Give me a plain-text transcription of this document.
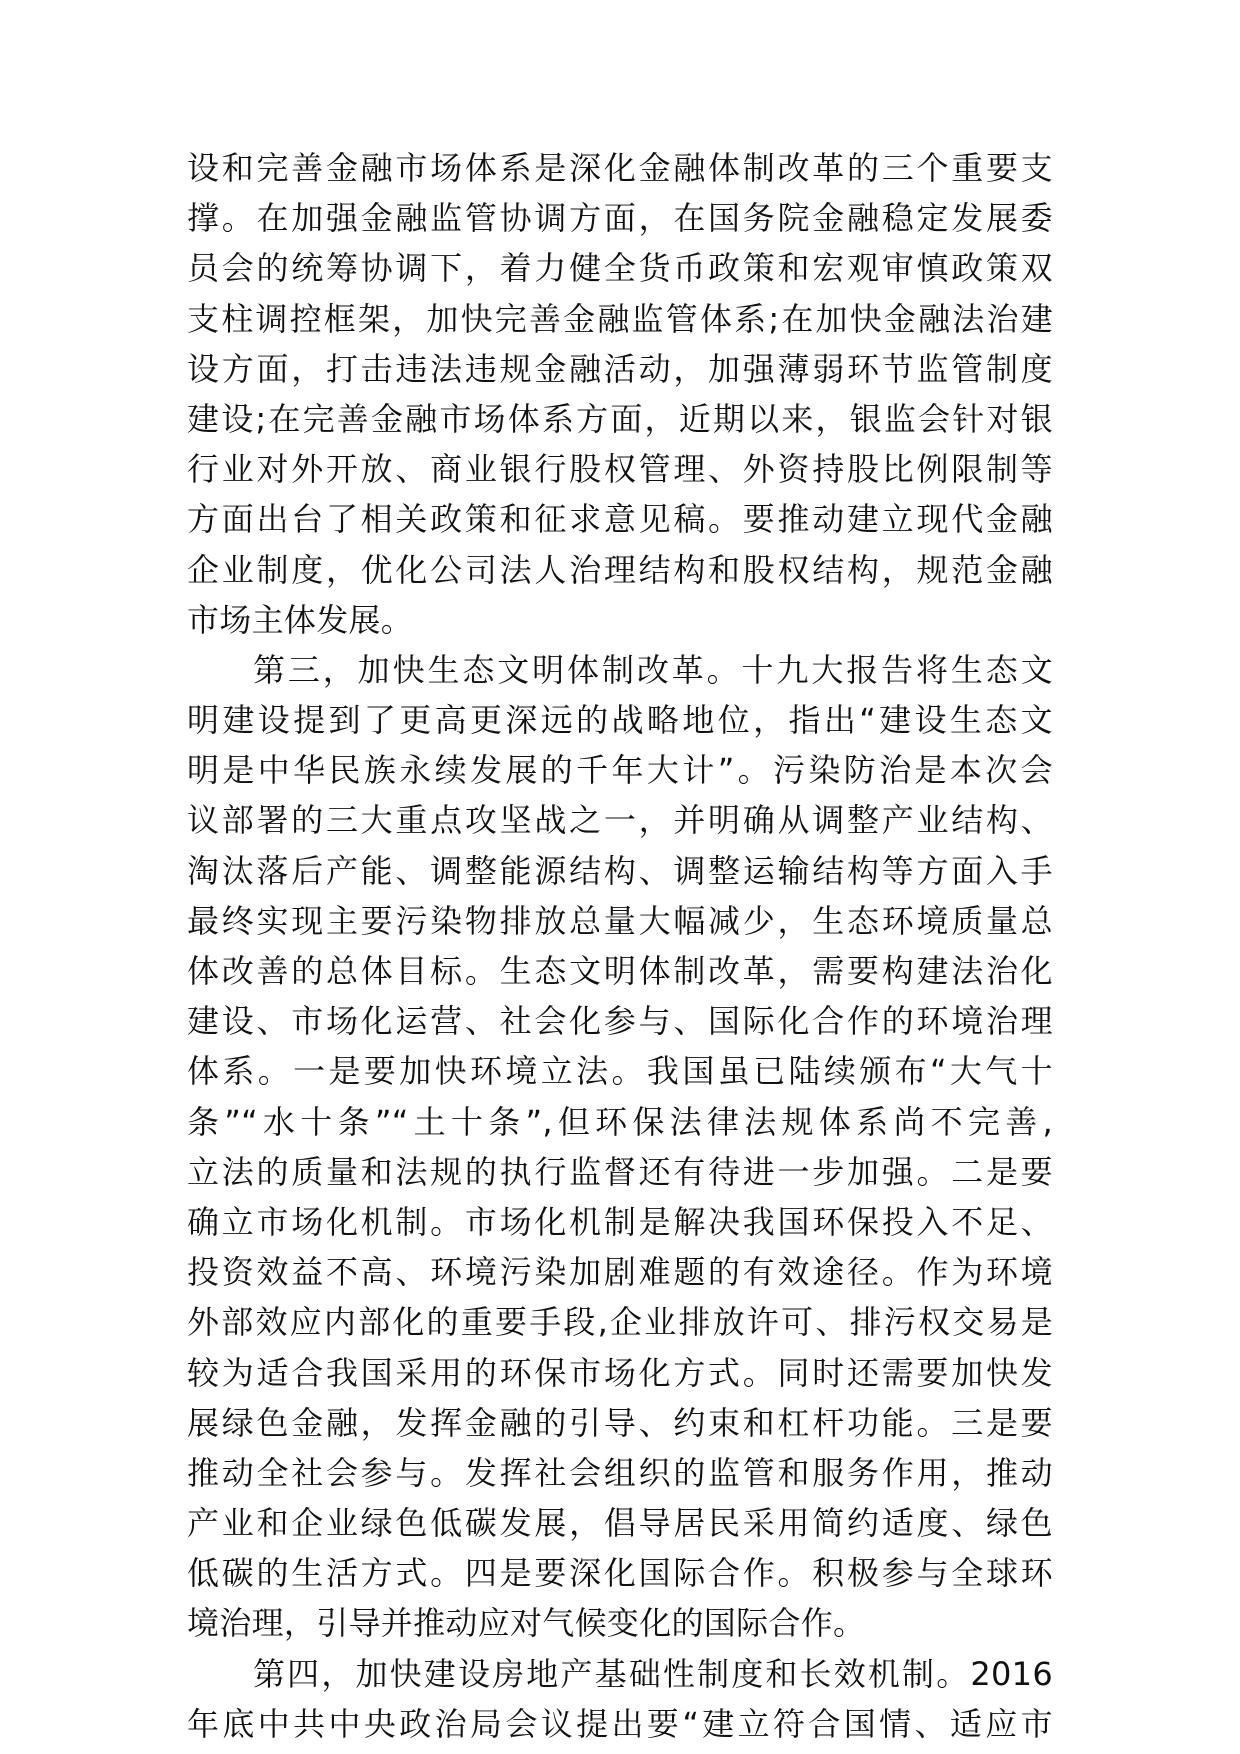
设和完善金融市场体系是深化金融体制改革的三个重要支
撑。在加强金融监管协调方面，在国务院金融稳定发展委
员会的统筹协调下，着力健全货币政策和宏观审慎政策双
支柱调控框架，加快完善金融监管体系;在加快金融法治建
设方面，打击违法违规金融活动，加强薄弱环节监管制度
建设;在完善金融市场体系方面，近期以来，银监会针对银
行业对外开放、商业银行股权管理、外资持股比例限制等
方面出台了相关政策和征求意见稿。要推动建立现代金融
企业制度，优化公司法人治理结构和股权结构，规范金融
市场主体发展。
第三，加快生态文明体制改革。十九大报告将生态文
明建设提到了更高更深远的战略地位，指出“建设生态文
明是中华民族永续发展的千年大计”。污染防治是本次会
议部署的三大重点攻坚战之一，并明确从调整产业结构、
淘汰落后产能、调整能源结构、调整运输结构等方面入手
最终实现主要污染物排放总量大幅减少，生态环境质量总
体改善的总体目标。生态文明体制改革，需要构建法治化
建设、市场化运营、社会化参与、国际化合作的环境治理
体系。一是要加快环境立法。我国虽已陆续颁布“大气十
条”“水十条”“土十条”,但环保法律法规体系尚不完善,
立法的质量和法规的执行监督还有待进一步加强。二是要
确立市场化机制。市场化机制是解决我国环保投入不足、
投资效益不高、环境污染加剧难题的有效途径。作为环境
外部效应内部化的重要手段,企业排放许可、排污权交易是
较为适合我国采用的环保市场化方式。同时还需要加快发
展绿色金融，发挥金融的引导、约束和杠杆功能。三是要
推动全社会参与。发挥社会组织的监管和服务作用，推动
产业和企业绿色低碳发展，倡导居民采用简约适度、绿色
低碳的生活方式。四是要深化国际合作。积极参与全球环
境治理，引导并推动应对气候变化的国际合作。
第四，加快建设房地产基础性制度和长效机制。2016
年底中共中央政治局会议提出要“建立符合国情、适应市
